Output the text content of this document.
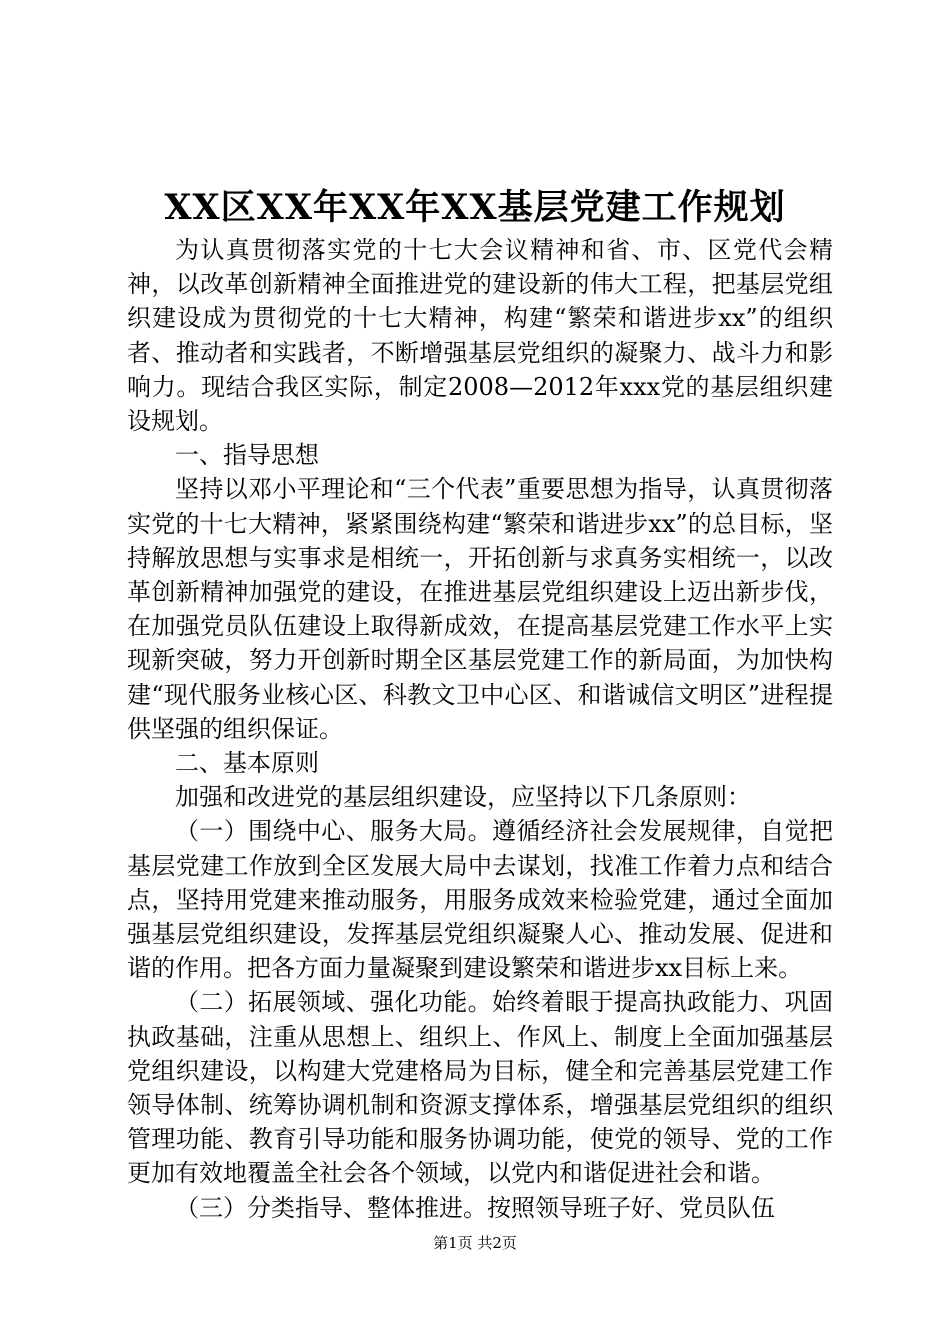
XX区XX年XX年XX基层党建工作规划

为认真贯彻落实党的十七大会议精神和省、市、区党代会精神，以改革创新精神全面推进党的建设新的伟大工程，把基层党组织建设成为贯彻党的十七大精神，构建“繁荣和谐进步xx”的组织者、推动者和实践者，不断增强基层党组织的凝聚力、战斗力和影响力。现结合我区实际，制定2008—2012年xxx党的基层组织建设规划。

一、指导思想

坚持以邓小平理论和“三个代表”重要思想为指导，认真贯彻落实党的十七大精神，紧紧围绕构建“繁荣和谐进步xx”的总目标，坚持解放思想与实事求是相统一，开拓创新与求真务实相统一，以改革创新精神加强党的建设，在推进基层党组织建设上迈出新步伐，在加强党员队伍建设上取得新成效，在提高基层党建工作水平上实现新突破，努力开创新时期全区基层党建工作的新局面，为加快构建“现代服务业核心区、科教文卫中心区、和谐诚信文明区”进程提供坚强的组织保证。

二、基本原则

加强和改进党的基层组织建设，应坚持以下几条原则：

（一）围绕中心、服务大局。遵循经济社会发展规律，自觉把基层党建工作放到全区发展大局中去谋划，找准工作着力点和结合点，坚持用党建来推动服务，用服务成效来检验党建，通过全面加强基层党组织建设，发挥基层党组织凝聚人心、推动发展、促进和谐的作用。把各方面力量凝聚到建设繁荣和谐进步xx目标上来。

（二）拓展领域、强化功能。始终着眼于提高执政能力、巩固执政基础，注重从思想上、组织上、作风上、制度上全面加强基层党组织建设，以构建大党建格局为目标，健全和完善基层党建工作领导体制、统筹协调机制和资源支撑体系，增强基层党组织的组织管理功能、教育引导功能和服务协调功能，使党的领导、党的工作更加有效地覆盖全社会各个领域，以党内和谐促进社会和谐。

（三）分类指导、整体推进。按照领导班子好、党员队伍

第1页 共2页
